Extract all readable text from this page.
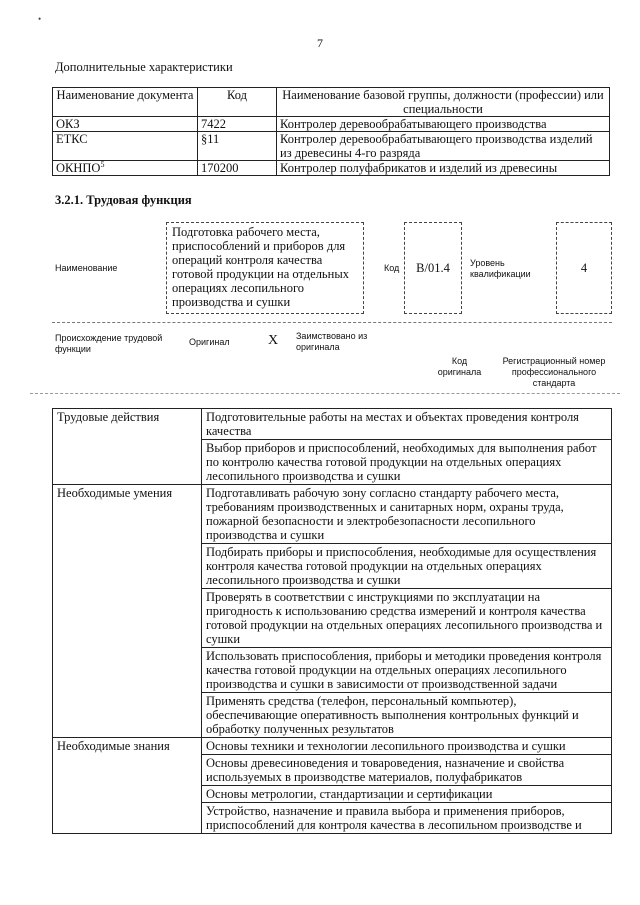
•
7
Дополнительные характеристики
Наименование документа	Код	Наименование базовой группы, должности (профессии) или специальности
ОКЗ	7422	Контролер деревообрабатывающего производства
ЕТКС	§11	Контролер деревообрабатывающего производства изделий из древесины 4-го разряда
ОКНПО$^5$	170200	Контролер полуфабрикатов и изделий из древесины
3.2.1. Трудовая функция
Наименование
Подготовка рабочего места, приспособлений и приборов для операций контроля качества готовой продукции на отдельных операциях лесопильного производства и сушки
Код	В/01.4	Уровень квалификации	4
Происхождение трудовой функции
Оригинал	X Заимствовано из оригинала
Код оригинала
Регистрационный номер профессионального стандарта
Трудовые действия	Подготовительные работы на местах и объектах проведения контроля качества
	Выбор приборов и приспособлений, необходимых для выполнения работ по контролю качества готовой продукции на отдельных операциях лесопильного производства и сушки
Необходимые умения	Подготавливать рабочую зону согласно стандарту рабочего места, требованиям производственных и санитарных норм, охраны труда, пожарной безопасности и электробезопасности лесопильного производства и сушки
	Подбирать приборы и приспособления, необходимые для осуществления контроля качества готовой продукции на отдельных операциях лесопильного производства и сушки
	Проверять в соответствии с инструкциями по эксплуатации на пригодность к использованию средства измерений и контроля качества готовой продукции на отдельных операциях лесопильного производства и сушки
	Использовать приспособления, приборы и методики проведения контроля качества готовой продукции на отдельных операциях лесопильного производства и сушки в зависимости от производственной задачи
	Применять средства (телефон, персональный компьютер), обеспечивающие оперативность выполнения контрольных функций и обработку полученных результатов
Необходимые знания	Основы техники и технологии лесопильного производства и сушки
	Основы древесиноведения и товароведения, назначение и свойства используемых в производстве материалов, полуфабрикатов
	Основы метрологии, стандартизации и сертификации
	Устройство, назначение и правила выбора и применения приборов, приспособлений для контроля качества в лесопильном производстве и
